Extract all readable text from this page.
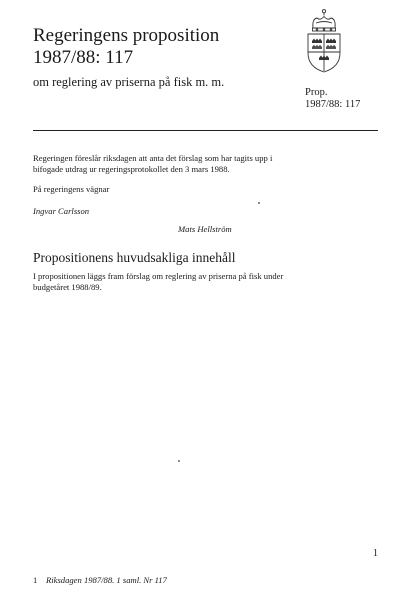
Regeringens proposition
1987/88: 117
om reglering av priserna på fisk m. m.
Prop.
1987/88: 117
Regeringen föreslår riksdagen att anta det förslag som har tagits upp i
bifogade utdrag ur regeringsprotokollet den 3 mars 1988.
På regeringens vägnar
Ingvar Carlsson
Mats Hellström
Propositionens huvudsakliga innehåll
I propositionen läggs fram förslag om reglering av priserna på fisk under
budgetåret 1988/89.
1
1 Riksdagen 1987/88. 1 saml. Nr 117
